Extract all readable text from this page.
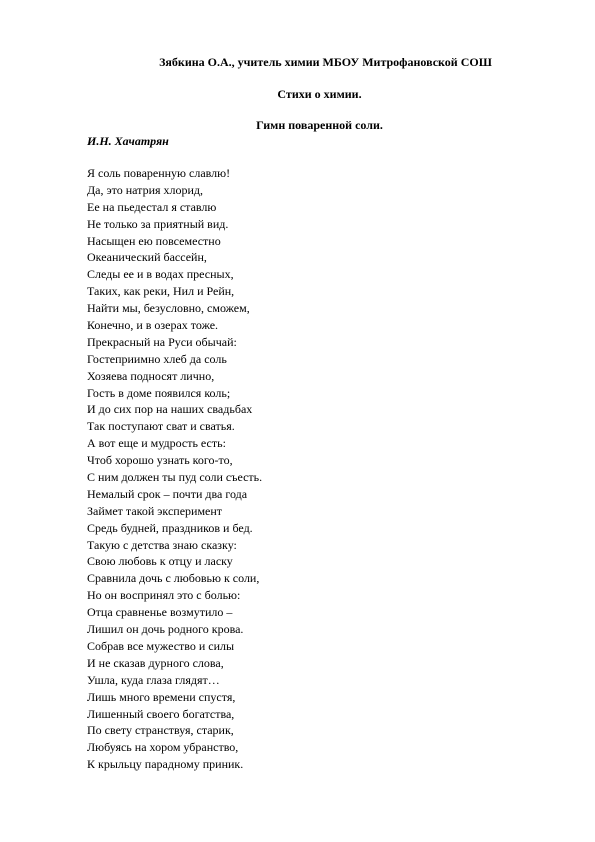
Зябкина О.А., учитель химии МБОУ Митрофановской СОШ
Стихи о химии.
Гимн поваренной соли.
И.Н. Хачатрян
Я соль поваренную славлю!
Да, это натрия хлорид,
Ее на пьедестал я ставлю
Не только за приятный вид.
Насыщен ею повсеместно
Океанический бассейн,
Следы ее и в водах пресных,
Таких, как реки, Нил и Рейн,
Найти мы, безусловно, сможем,
Конечно, и в озерах тоже.
Прекрасный на Руси обычай:
Гостеприимно хлеб да соль
Хозяева подносят лично,
Гость в доме появился коль;
И до сих пор на наших свадьбах
Так поступают сват и сватья.
А вот еще и мудрость есть:
Чтоб хорошо узнать кого-то,
С ним должен ты пуд соли съесть.
Немалый срок – почти два года
Займет такой эксперимент
Средь будней, праздников и бед.
Такую с детства знаю сказку:
Свою любовь к отцу и ласку
Сравнила дочь с любовью к соли,
Но он воспринял это с болью:
Отца сравненье возмутило –
Лишил он дочь родного крова.
Собрав все мужество и силы
И не сказав дурного слова,
Ушла, куда глаза глядят…
Лишь много времени спустя,
Лишенный своего богатства,
По свету странствуя, старик,
Любуясь на хором убранство,
К крыльцу парадному приник.
